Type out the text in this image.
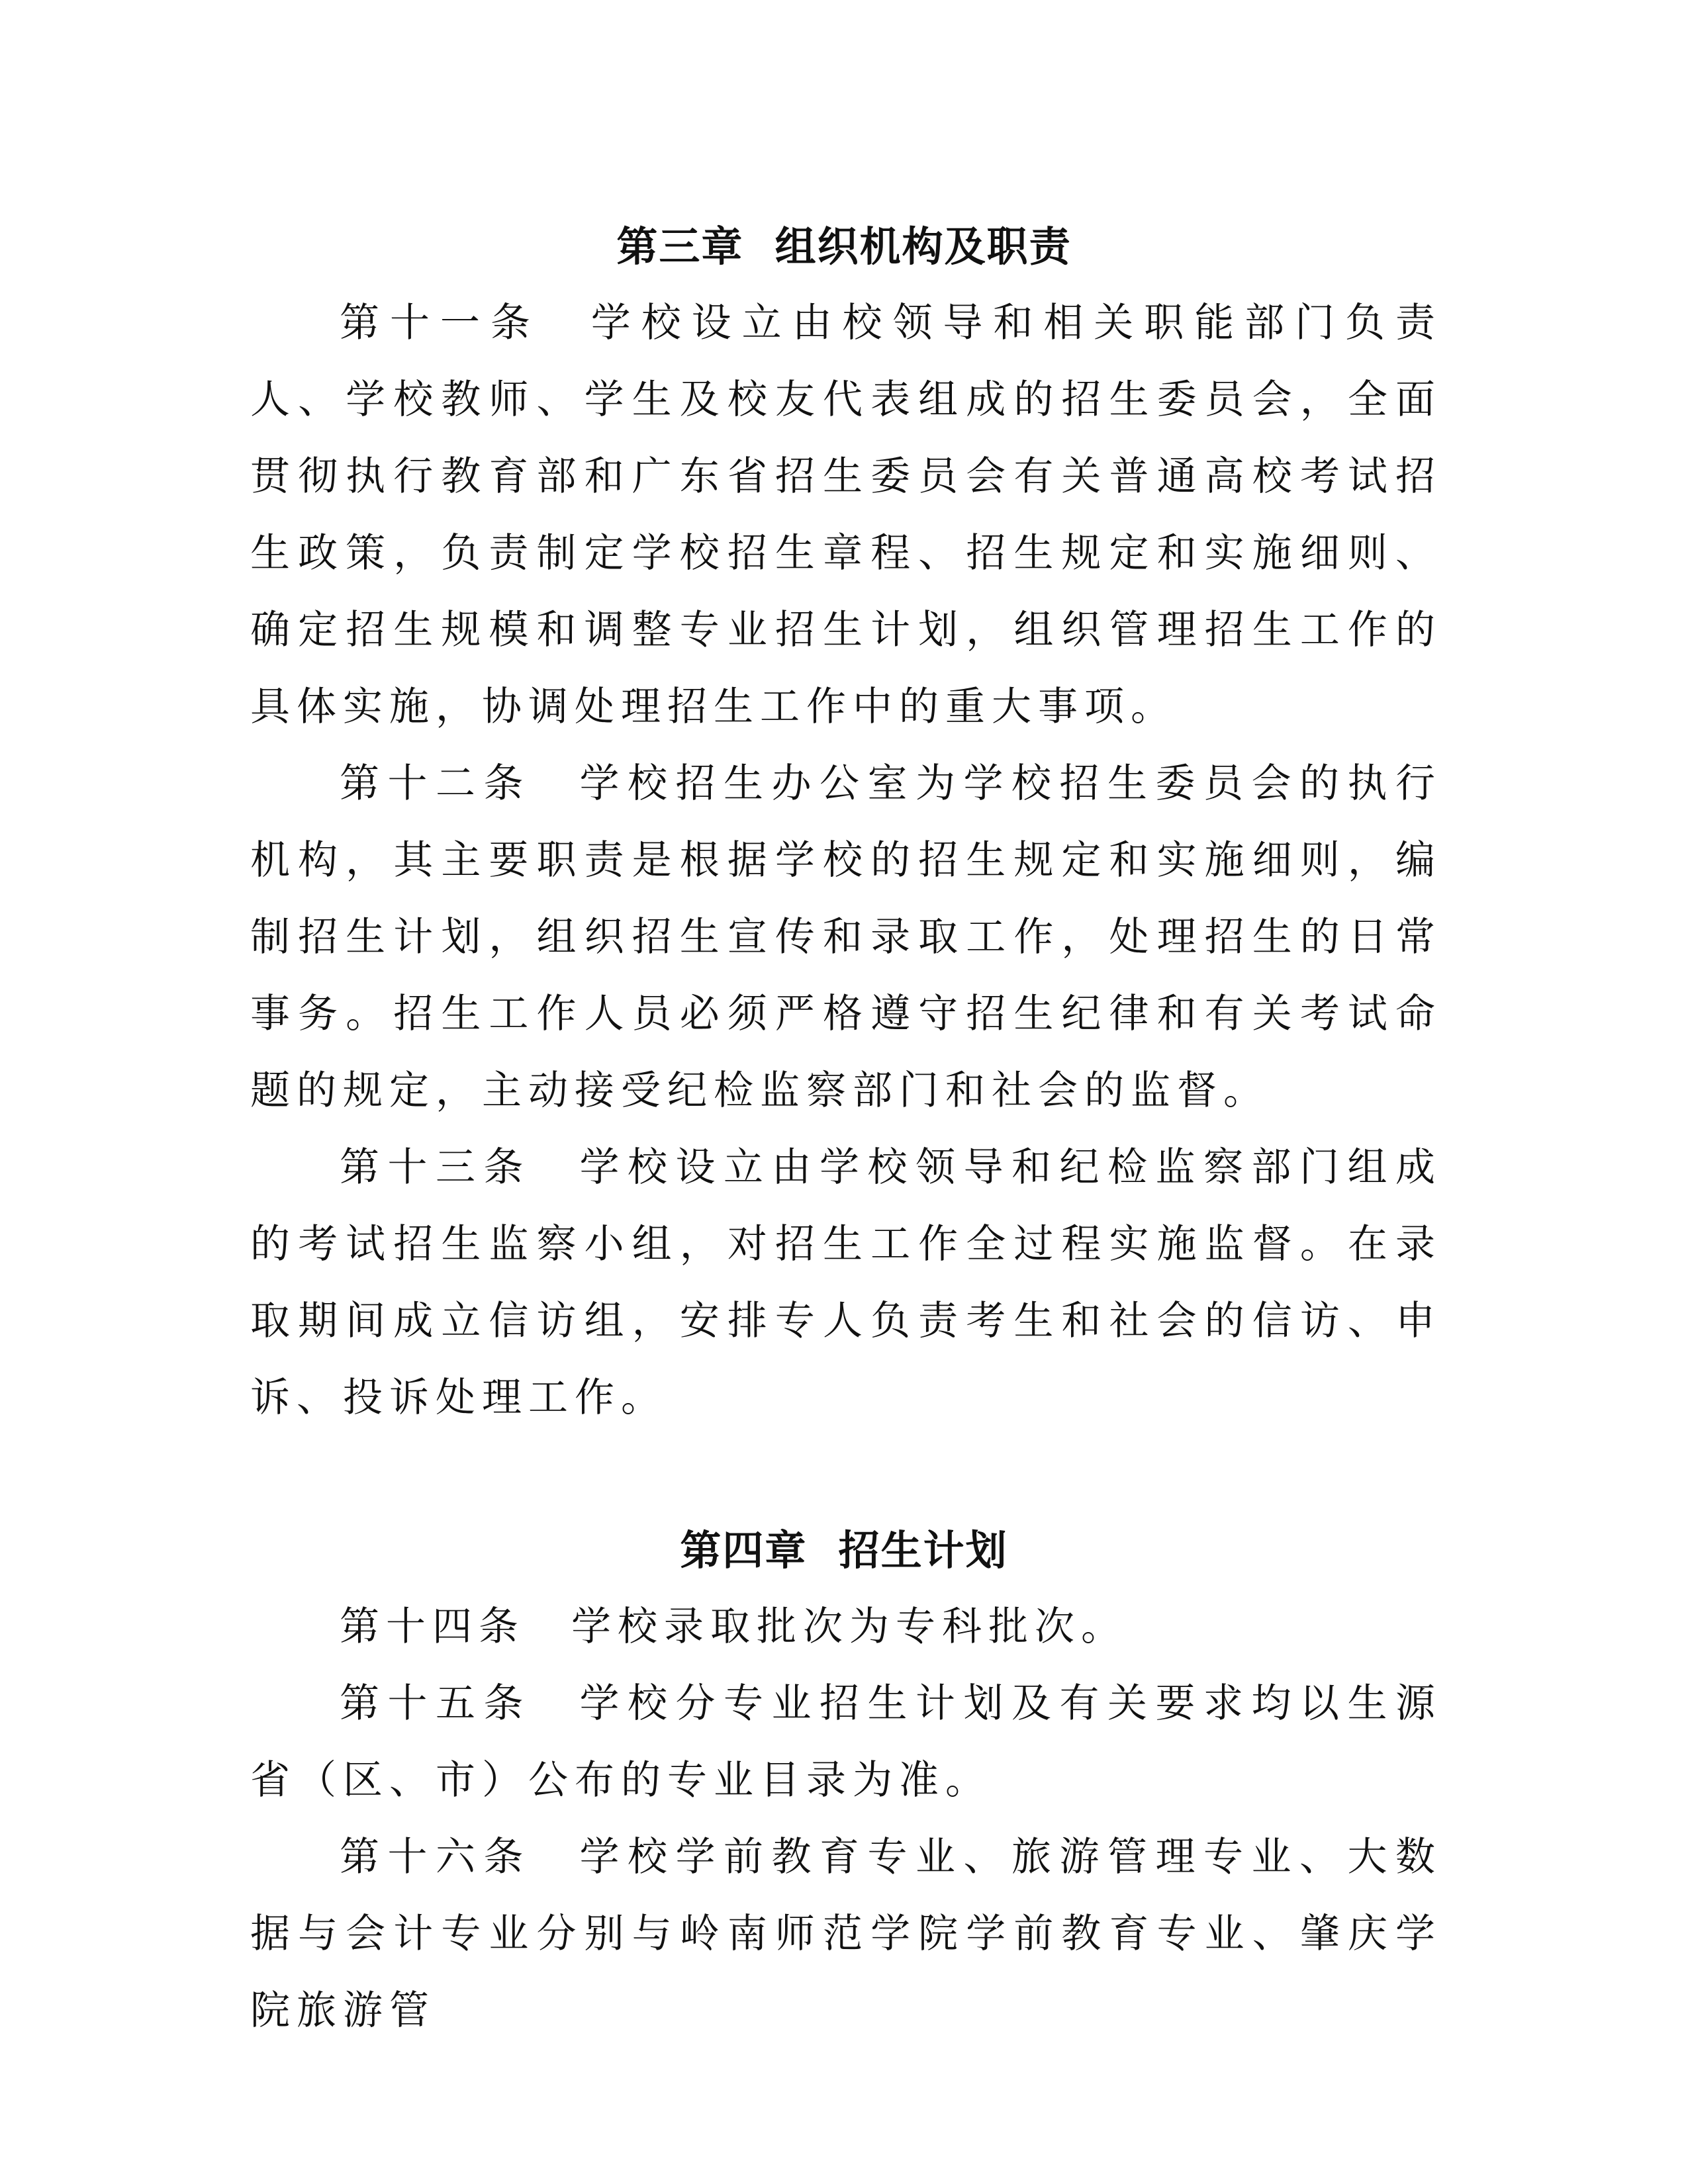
第三章  组织机构及职责

第十一条  学校设立由校领导和相关职能部门负责人、学校教师、学生及校友代表组成的招生委员会，全面贯彻执行教育部和广东省招生委员会有关普通高校考试招生政策，负责制定学校招生章程、招生规定和实施细则、确定招生规模和调整专业招生计划，组织管理招生工作的具体实施，协调处理招生工作中的重大事项。

第十二条  学校招生办公室为学校招生委员会的执行机构，其主要职责是根据学校的招生规定和实施细则，编制招生计划，组织招生宣传和录取工作，处理招生的日常事务。招生工作人员必须严格遵守招生纪律和有关考试命题的规定，主动接受纪检监察部门和社会的监督。

第十三条  学校设立由学校领导和纪检监察部门组成的考试招生监察小组，对招生工作全过程实施监督。在录取期间成立信访组，安排专人负责考生和社会的信访、申诉、投诉处理工作。

第四章  招生计划

第十四条  学校录取批次为专科批次。

第十五条  学校分专业招生计划及有关要求均以生源省（区、市）公布的专业目录为准。

第十六条  学校学前教育专业、旅游管理专业、大数据与会计专业分别与岭南师范学院学前教育专业、肇庆学院旅游管
